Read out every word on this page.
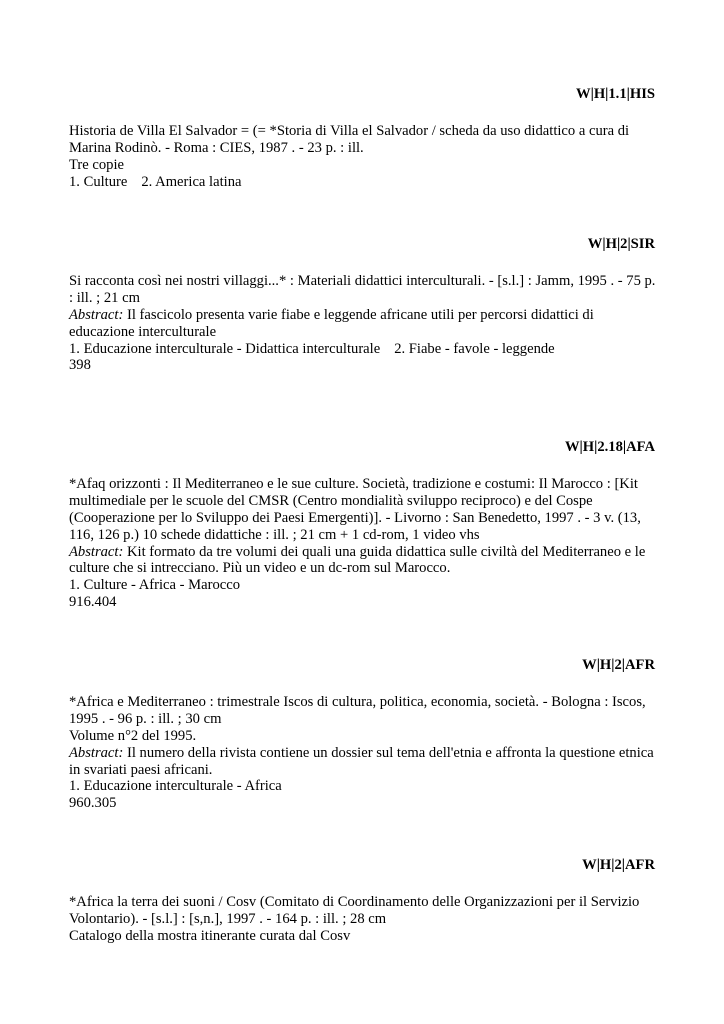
W|H|1.1|HIS
Historia de Villa El Salvador = (= *Storia di Villa el Salvador / scheda da uso didattico a cura di Marina Rodinò. - Roma : CIES, 1987 . - 23 p. : ill.
Tre copie
1. Culture 2. America latina
W|H|2|SIR
Si racconta così nei nostri villaggi...* : Materiali didattici interculturali. - [s.l.] : Jamm, 1995 . - 75 p. : ill. ; 21 cm
Abstract: Il fascicolo presenta varie fiabe e leggende africane utili per percorsi didattici di educazione interculturale
1. Educazione interculturale - Didattica interculturale 2. Fiabe - favole - leggende
398
W|H|2.18|AFA
*Afaq orizzonti : Il Mediterraneo e le sue culture. Società, tradizione e costumi: Il Marocco : [Kit multimediale per le scuole del CMSR (Centro mondialità sviluppo reciproco) e del Cospe (Cooperazione per lo Sviluppo dei Paesi Emergenti)]. - Livorno : San Benedetto, 1997 . - 3 v. (13, 116, 126 p.) 10 schede didattiche : ill. ; 21 cm + 1 cd-rom, 1 video vhs
Abstract: Kit formato da tre volumi dei quali una guida didattica sulle civiltà del Mediterraneo e le culture che si intrecciano. Più un video e un dc-rom sul Marocco.
1. Culture - Africa - Marocco
916.404
W|H|2|AFR
*Africa e Mediterraneo : trimestrale Iscos di cultura, politica, economia, società. - Bologna : Iscos, 1995 . - 96 p. : ill. ; 30 cm
Volume n°2 del 1995.
Abstract: Il numero della rivista contiene un dossier sul tema dell'etnia e affronta la questione etnica in svariati paesi africani.
1. Educazione interculturale - Africa
960.305
W|H|2|AFR
*Africa la terra dei suoni / Cosv (Comitato di Coordinamento delle Organizzazioni per il Servizio Volontario). - [s.l.] : [s,n.], 1997 . - 164 p. : ill. ; 28 cm
Catalogo della mostra itinerante curata dal Cosv
